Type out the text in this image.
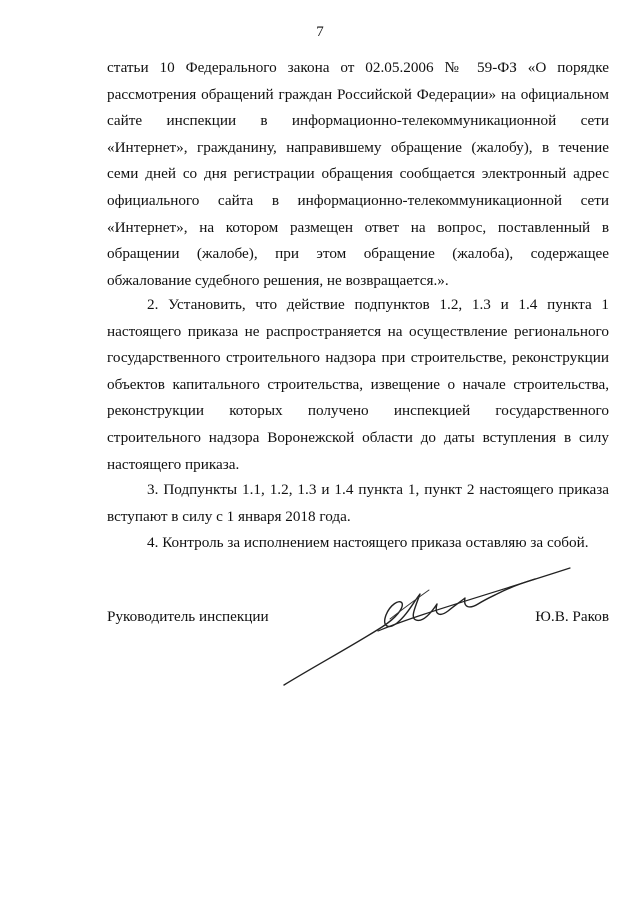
7
статьи 10 Федерального закона от 02.05.2006 № 59-ФЗ «О порядке рассмотрения обращений граждан Российской Федерации» на официальном сайте инспекции в информационно-телекоммуникационной сети «Интернет», гражданину, направившему обращение (жалобу), в течение семи дней со дня регистрации обращения сообщается электронный адрес официального сайта в информационно-телекоммуникационной сети «Интернет», на котором размещен ответ на вопрос, поставленный в обращении (жалобе), при этом обращение (жалоба), содержащее обжалование судебного решения, не возвращается.».
2. Установить, что действие подпунктов 1.2, 1.3 и 1.4 пункта 1 настоящего приказа не распространяется на осуществление регионального государственного строительного надзора при строительстве, реконструкции объектов капитального строительства, извещение о начале строительства, реконструкции которых получено инспекцией государственного строительного надзора Воронежской области до даты вступления в силу настоящего приказа.
3. Подпункты 1.1, 1.2, 1.3 и 1.4 пункта 1, пункт 2 настоящего приказа вступают в силу с 1 января 2018 года.
4. Контроль за исполнением настоящего приказа оставляю за собой.
Руководитель инспекции	Ю.В. Раков
